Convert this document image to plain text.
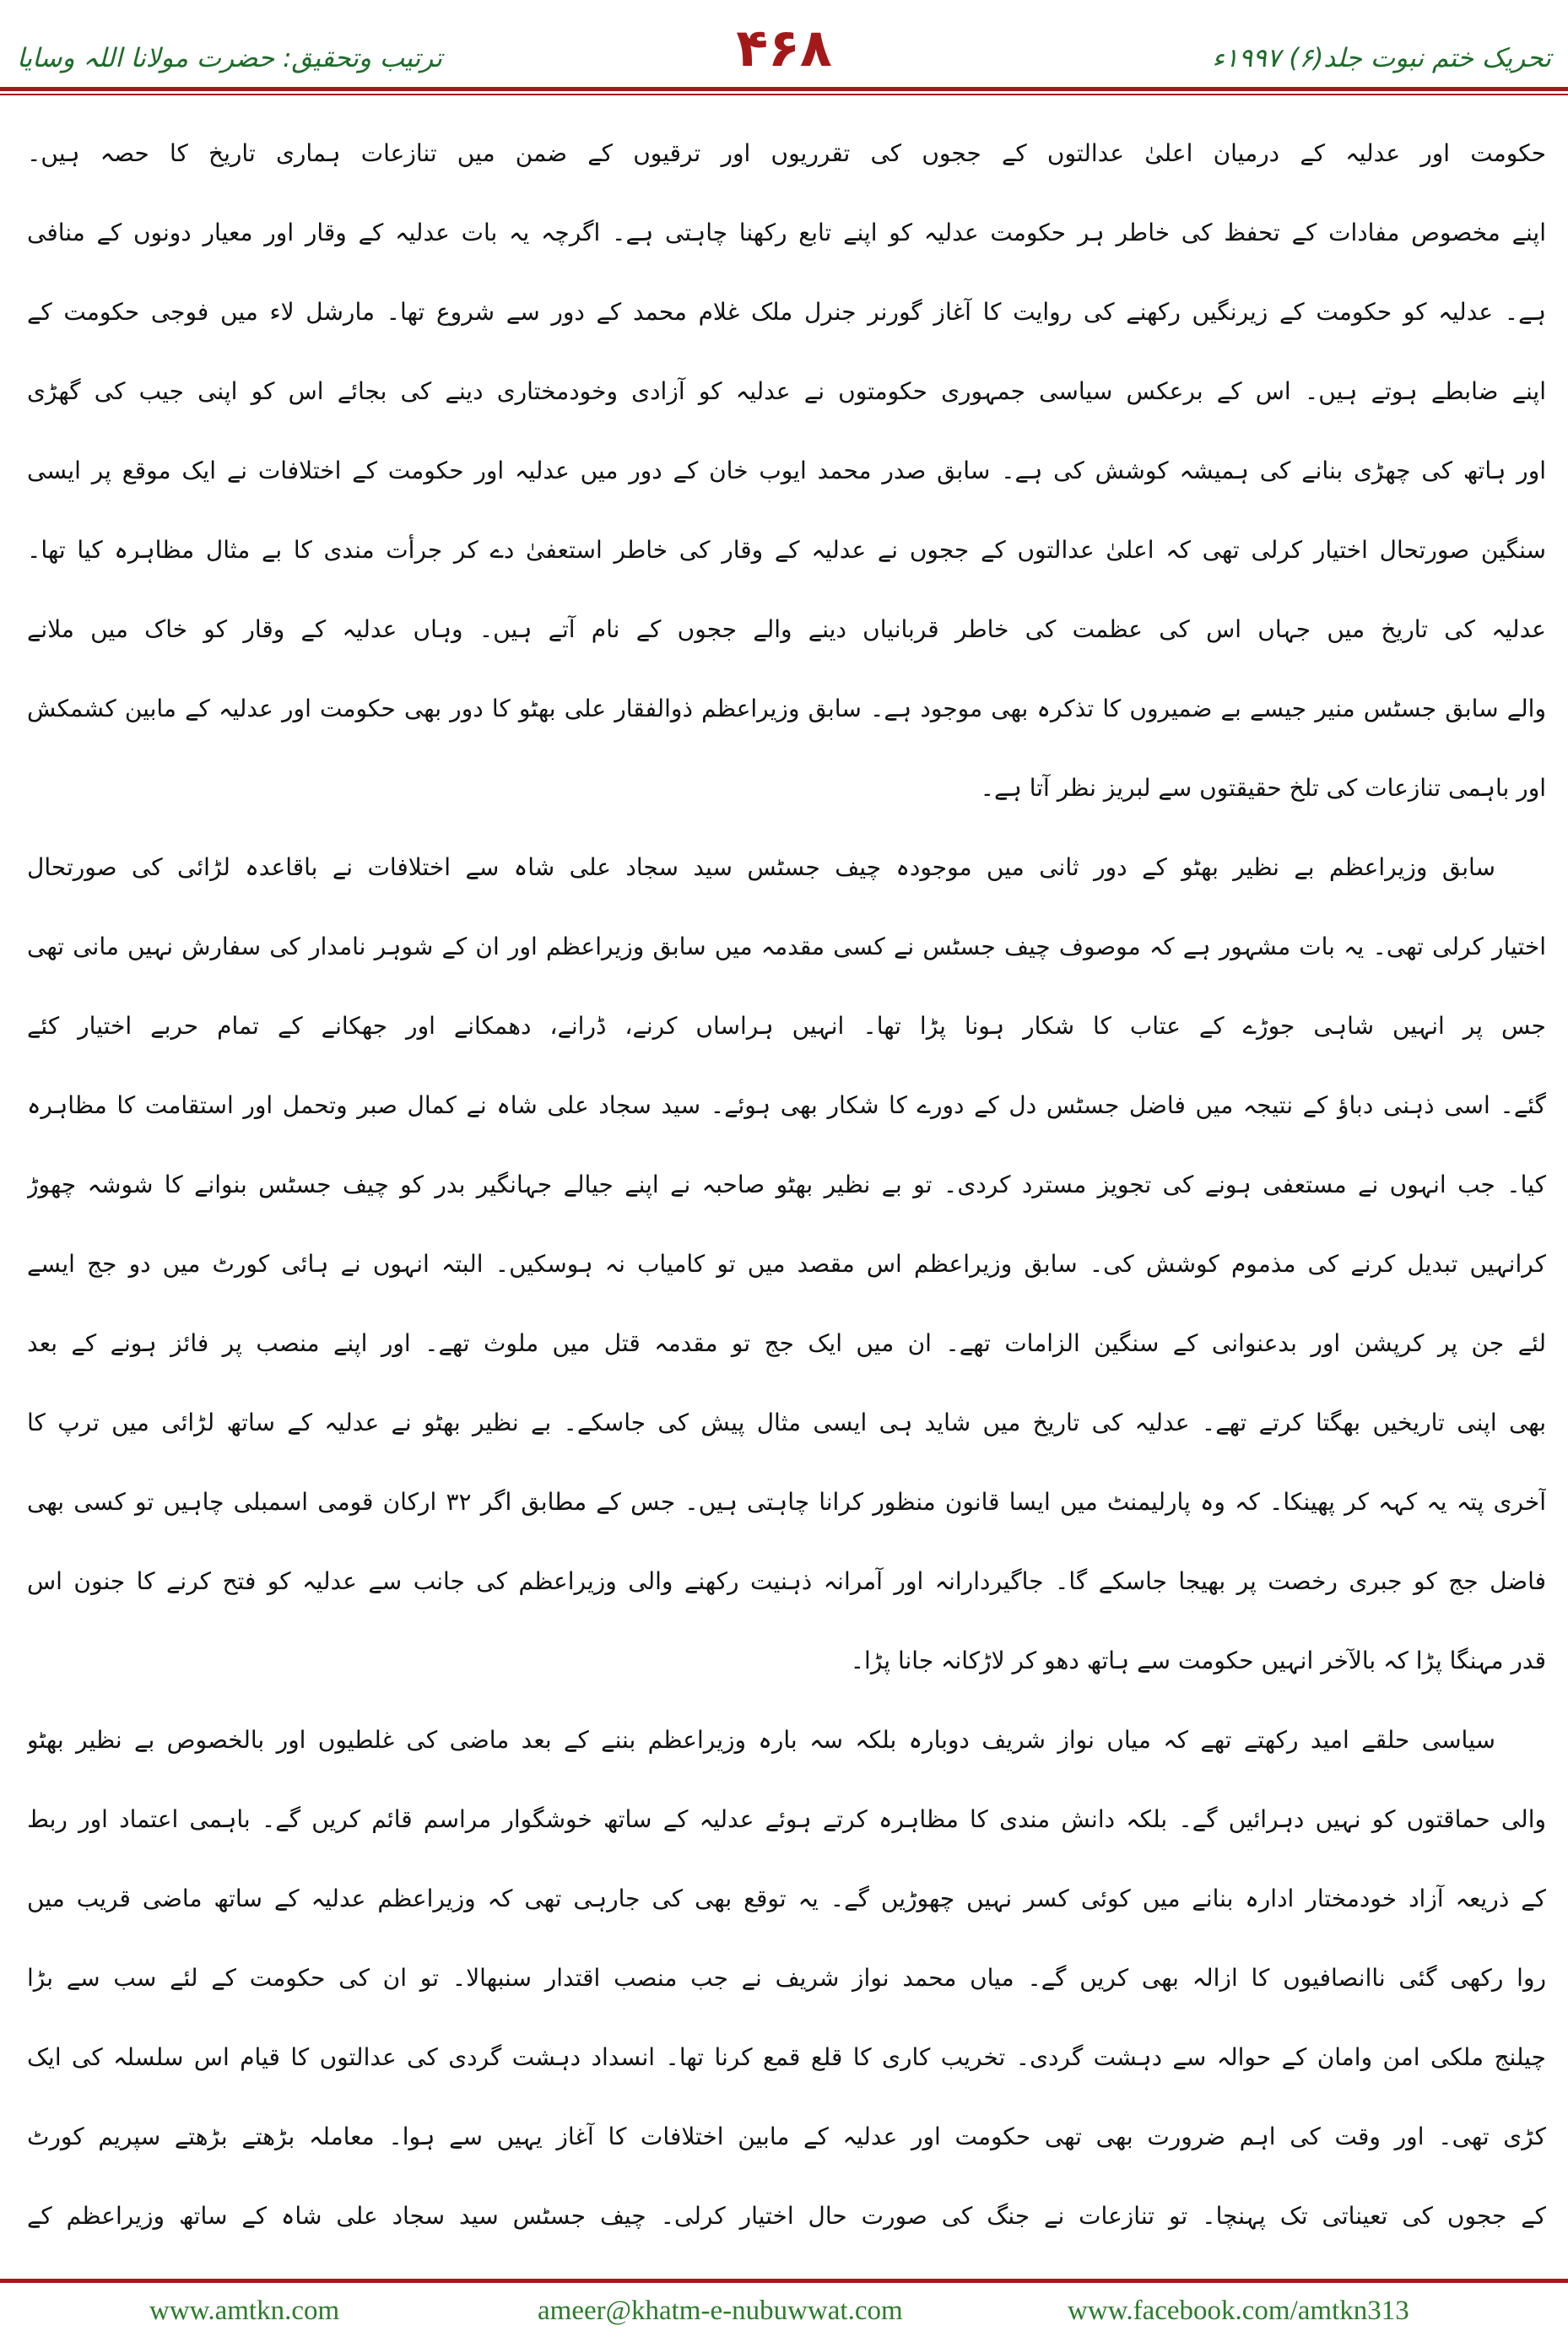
تحریک ختم نبوت جلد(۶) ۱۹۹۷ء
۴۶۸
ترتیب وتحقیق: حضرت مولانا اللہ وسایا
حکومت اور عدلیہ کے درمیان اعلیٰ عدالتوں کے ججوں کی تقرریوں اور ترقیوں کے ضمن میں تنازعات ہماری تاریخ کا حصہ ہیں۔
اپنے مخصوص مفادات کے تحفظ کی خاطر ہر حکومت عدلیہ کو اپنے تابع رکھنا چاہتی ہے۔ اگرچہ یہ بات عدلیہ کے وقار اور معیار دونوں کے منافی
ہے۔ عدلیہ کو حکومت کے زیرنگیں رکھنے کی روایت کا آغاز گورنر جنرل ملک غلام محمد کے دور سے شروع تھا۔ مارشل لاء میں فوجی حکومت کے
اپنے ضابطے ہوتے ہیں۔ اس کے برعکس سیاسی جمہوری حکومتوں نے عدلیہ کو آزادی وخودمختاری دینے کی بجائے اس کو اپنی جیب کی گھڑی
اور ہاتھ کی چھڑی بنانے کی ہمیشہ کوشش کی ہے۔ سابق صدر محمد ایوب خان کے دور میں عدلیہ اور حکومت کے اختلافات نے ایک موقع پر ایسی
سنگین صورتحال اختیار کرلی تھی کہ اعلیٰ عدالتوں کے ججوں نے عدلیہ کے وقار کی خاطر استعفیٰ دے کر جرأت مندی کا بے مثال مظاہرہ کیا تھا۔
عدلیہ کی تاریخ میں جہاں اس کی عظمت کی خاطر قربانیاں دینے والے ججوں کے نام آتے ہیں۔ وہاں عدلیہ کے وقار کو خاک میں ملانے
والے سابق جسٹس منیر جیسے بے ضمیروں کا تذکرہ بھی موجود ہے۔ سابق وزیراعظم ذوالفقار علی بھٹو کا دور بھی حکومت اور عدلیہ کے مابین کشمکش
اور باہمی تنازعات کی تلخ حقیقتوں سے لبریز نظر آتا ہے۔
سابق وزیراعظم بے نظیر بھٹو کے دور ثانی میں موجودہ چیف جسٹس سید سجاد علی شاہ سے اختلافات نے باقاعدہ لڑائی کی صورتحال
اختیار کرلی تھی۔ یہ بات مشہور ہے کہ موصوف چیف جسٹس نے کسی مقدمہ میں سابق وزیراعظم اور ان کے شوہر نامدار کی سفارش نہیں مانی تھی
جس پر انہیں شاہی جوڑے کے عتاب کا شکار ہونا پڑا تھا۔ انہیں ہراساں کرنے، ڈرانے، دھمکانے اور جھکانے کے تمام حربے اختیار کئے
گئے۔ اسی ذہنی دباؤ کے نتیجہ میں فاضل جسٹس دل کے دورے کا شکار بھی ہوئے۔ سید سجاد علی شاہ نے کمال صبر وتحمل اور استقامت کا مظاہرہ
کیا۔ جب انہوں نے مستعفی ہونے کی تجویز مسترد کردی۔ تو بے نظیر بھٹو صاحبہ نے اپنے جیالے جہانگیر بدر کو چیف جسٹس بنوانے کا شوشہ چھوڑ
کرانہیں تبدیل کرنے کی مذموم کوشش کی۔ سابق وزیراعظم اس مقصد میں تو کامیاب نہ ہوسکیں۔ البتہ انہوں نے ہائی کورٹ میں دو جج ایسے
لئے جن پر کرپشن اور بدعنوانی کے سنگین الزامات تھے۔ ان میں ایک جج تو مقدمہ قتل میں ملوث تھے۔ اور اپنے منصب پر فائز ہونے کے بعد
بھی اپنی تاریخیں بھگتا کرتے تھے۔ عدلیہ کی تاریخ میں شاید ہی ایسی مثال پیش کی جاسکے۔ بے نظیر بھٹو نے عدلیہ کے ساتھ لڑائی میں ترپ کا
آخری پتہ یہ کہہ کر پھینکا۔ کہ وہ پارلیمنٹ میں ایسا قانون منظور کرانا چاہتی ہیں۔ جس کے مطابق اگر ۳۲ ارکان قومی اسمبلی چاہیں تو کسی بھی
فاضل جج کو جبری رخصت پر بھیجا جاسکے گا۔ جاگیردارانہ اور آمرانہ ذہنیت رکھنے والی وزیراعظم کی جانب سے عدلیہ کو فتح کرنے کا جنون اس
قدر مہنگا پڑا کہ بالآخر انہیں حکومت سے ہاتھ دھو کر لاڑکانہ جانا پڑا۔
سیاسی حلقے امید رکھتے تھے کہ میاں نواز شریف دوبارہ بلکہ سہ بارہ وزیراعظم بننے کے بعد ماضی کی غلطیوں اور بالخصوص بے نظیر بھٹو
والی حماقتوں کو نہیں دہرائیں گے۔ بلکہ دانش مندی کا مظاہرہ کرتے ہوئے عدلیہ کے ساتھ خوشگوار مراسم قائم کریں گے۔ باہمی اعتماد اور ربط
کے ذریعہ آزاد خودمختار ادارہ بنانے میں کوئی کسر نہیں چھوڑیں گے۔ یہ توقع بھی کی جارہی تھی کہ وزیراعظم عدلیہ کے ساتھ ماضی قریب میں
روا رکھی گئی ناانصافیوں کا ازالہ بھی کریں گے۔ میاں محمد نواز شریف نے جب منصب اقتدار سنبھالا۔ تو ان کی حکومت کے لئے سب سے بڑا
چیلنج ملکی امن وامان کے حوالہ سے دہشت گردی۔ تخریب کاری کا قلع قمع کرنا تھا۔ انسداد دہشت گردی کی عدالتوں کا قیام اس سلسلہ کی ایک
کڑی تھی۔ اور وقت کی اہم ضرورت بھی تھی حکومت اور عدلیہ کے مابین اختلافات کا آغاز یہیں سے ہوا۔ معاملہ بڑھتے بڑھتے سپریم کورٹ
کے ججوں کی تعیناتی تک پہنچا۔ تو تنازعات نے جنگ کی صورت حال اختیار کرلی۔ چیف جسٹس سید سجاد علی شاہ کے ساتھ وزیراعظم کے
www.amtkn.com	ameer@khatm-e-nubuwwat.com	www.facebook.com/amtkn313
